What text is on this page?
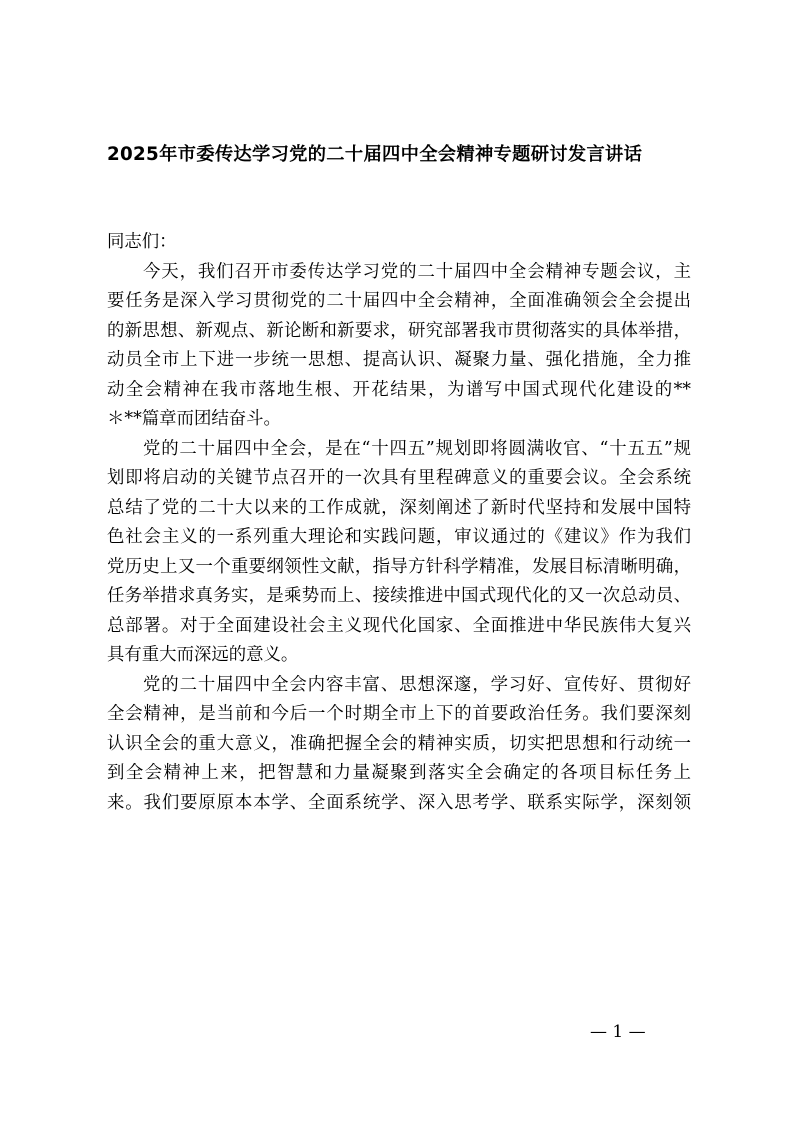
2025年市委传达学习党的二十届四中全会精神专题研讨发言讲话
同志们：
今天，我们召开市委传达学习党的二十届四中全会精神专题会议，主
要任务是深入学习贯彻党的二十届四中全会精神，全面准确领会全会提出
的新思想、新观点、新论断和新要求，研究部署我市贯彻落实的具体举措，
动员全市上下进一步统一思想、提高认识、凝聚力量、强化措施，全力推
动全会精神在我市落地生根、开花结果，为谱写中国式现代化建设的**
＊**篇章而团结奋斗。
党的二十届四中全会，是在“十四五”规划即将圆满收官、“十五五”规
划即将启动的关键节点召开的一次具有里程碑意义的重要会议。全会系统
总结了党的二十大以来的工作成就，深刻阐述了新时代坚持和发展中国特
色社会主义的一系列重大理论和实践问题，审议通过的《建议》作为我们
党历史上又一个重要纲领性文献，指导方针科学精准，发展目标清晰明确，
任务举措求真务实，是乘势而上、接续推进中国式现代化的又一次总动员、
总部署。对于全面建设社会主义现代化国家、全面推进中华民族伟大复兴
具有重大而深远的意义。
党的二十届四中全会内容丰富、思想深邃，学习好、宣传好、贯彻好
全会精神，是当前和今后一个时期全市上下的首要政治任务。我们要深刻
认识全会的重大意义，准确把握全会的精神实质，切实把思想和行动统一
到全会精神上来，把智慧和力量凝聚到落实全会确定的各项目标任务上
来。我们要原原本本学、全面系统学、深入思考学、联系实际学，深刻领
— 1 —
